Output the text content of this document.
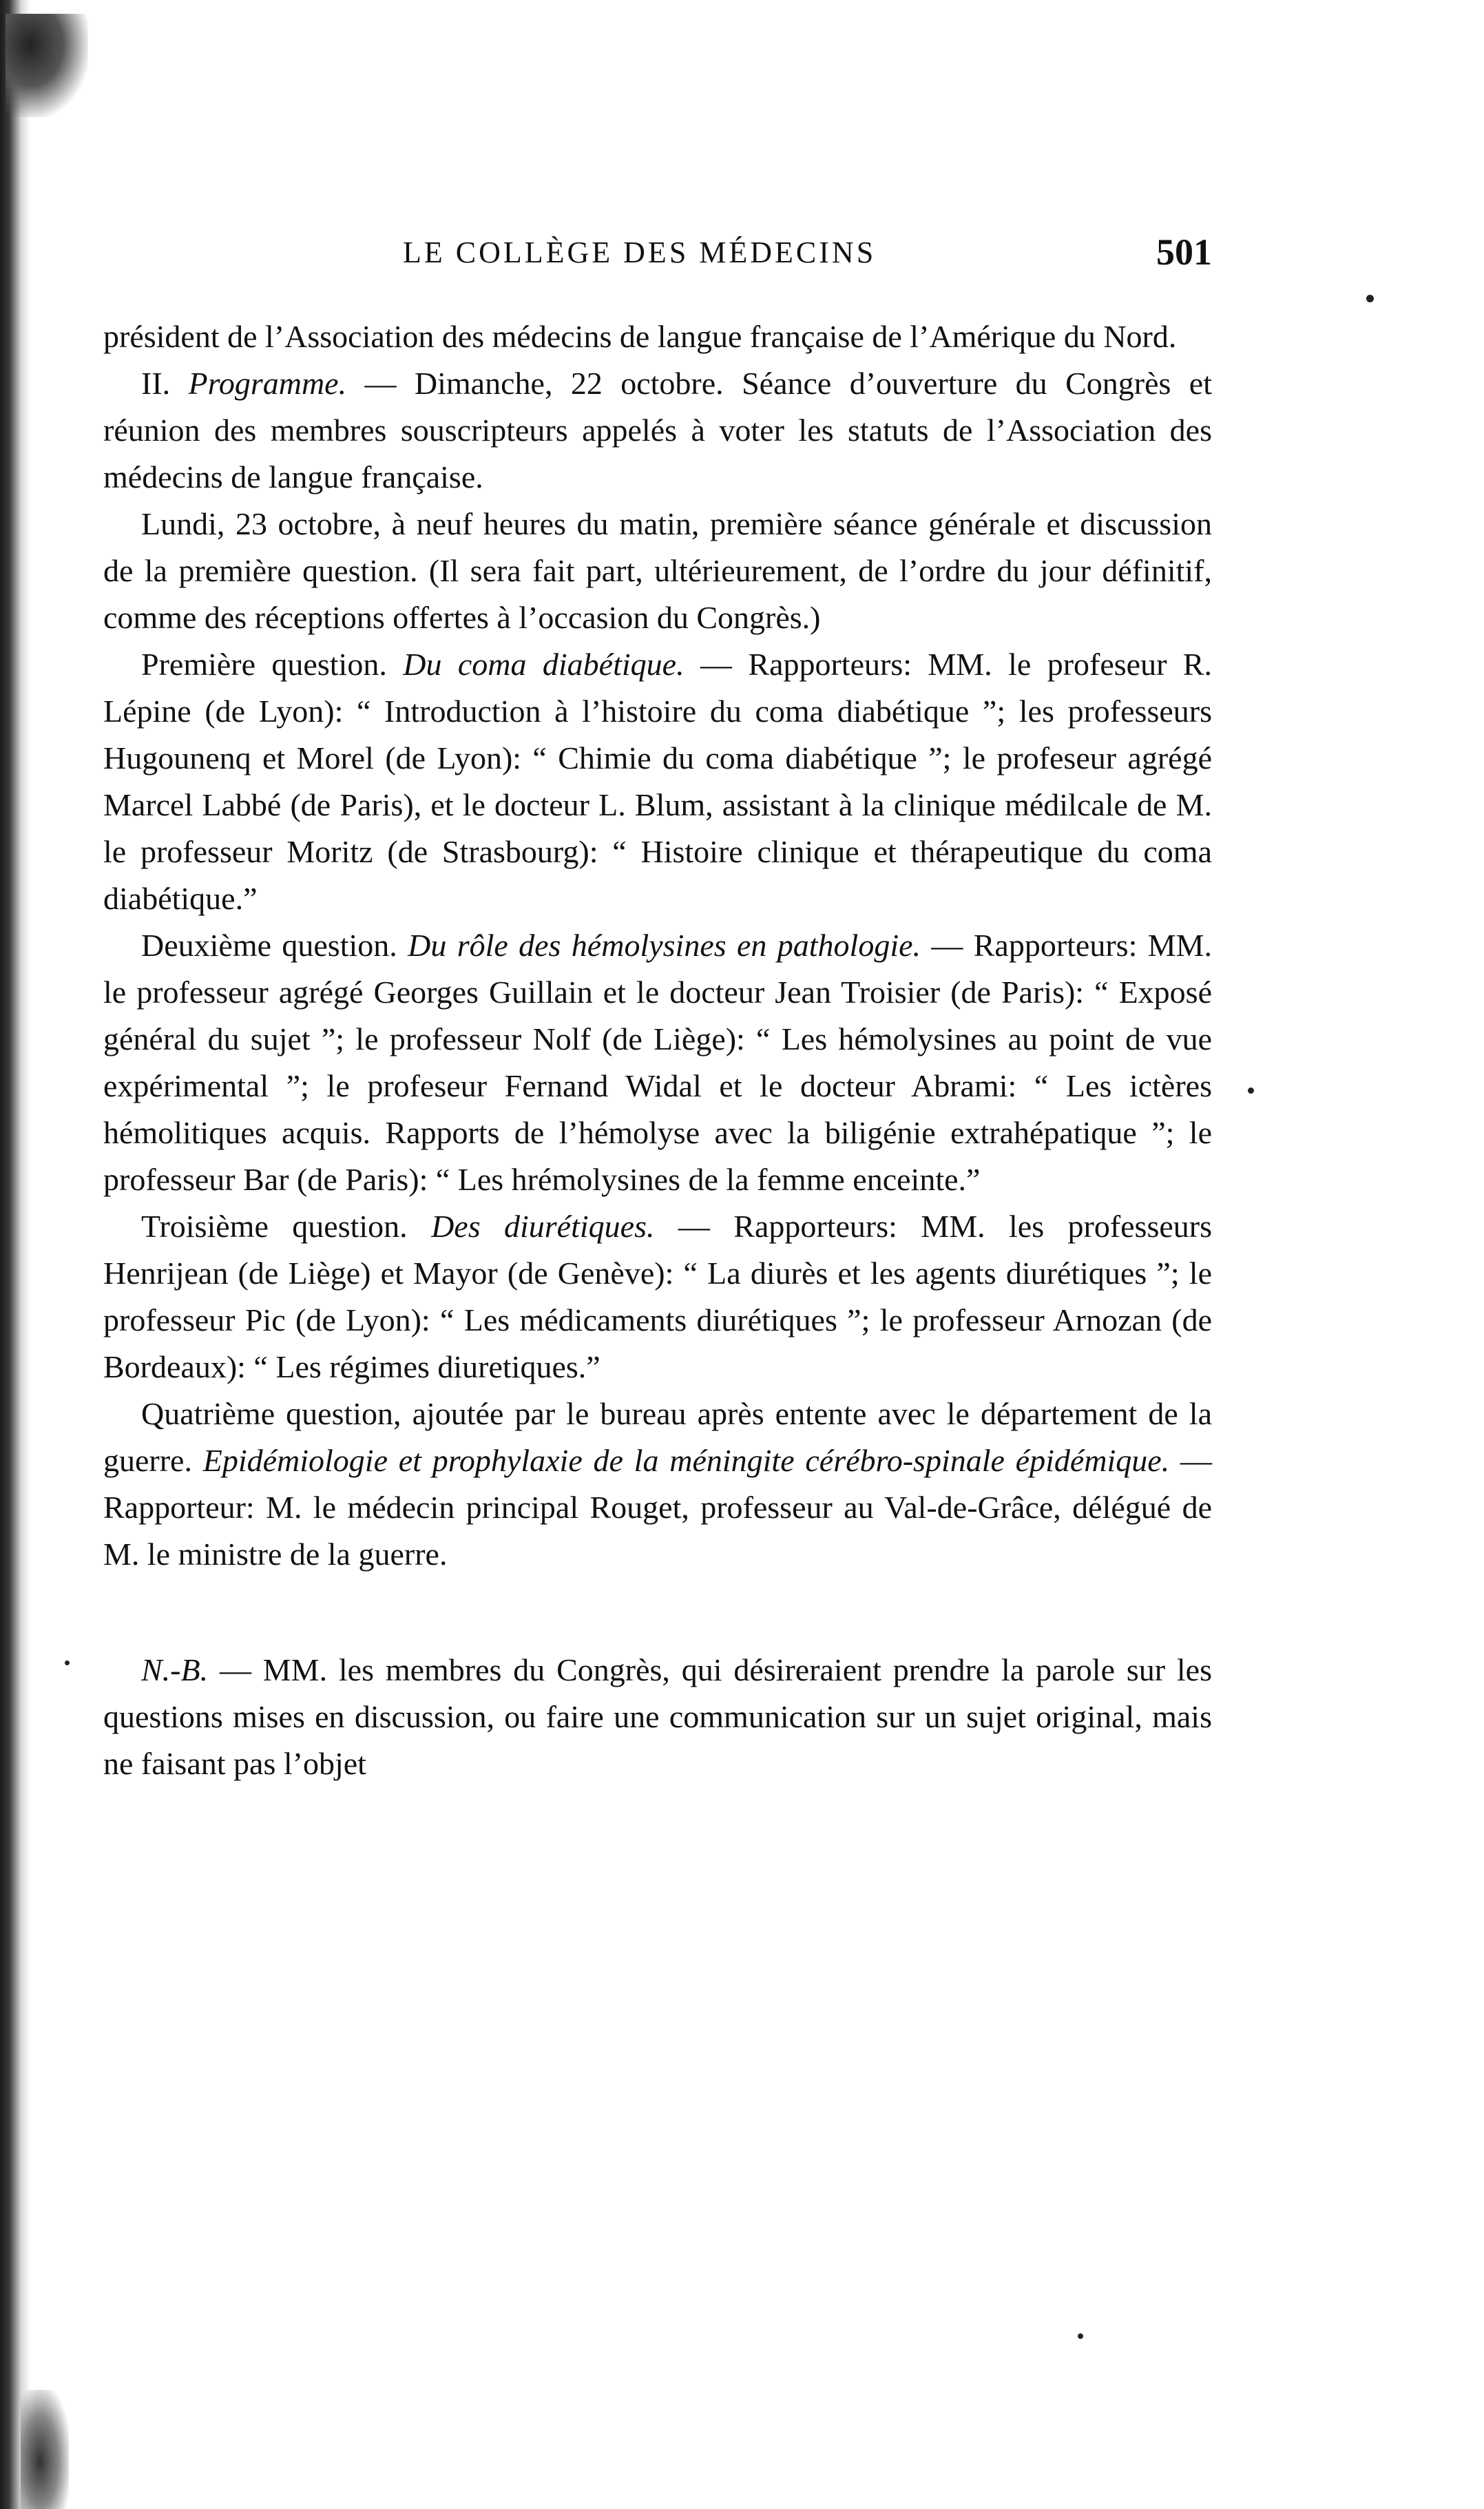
LE COLLÈGE DES MÉDECINS	501

président de l’Association des médecins de langue française de l’Amérique du Nord.

II. Programme. — Dimanche, 22 octobre. Séance d’ouverture du Congrès et réunion des membres souscripteurs appelés à voter les statuts de l’Association des médecins de langue française.

Lundi, 23 octobre, à neuf heures du matin, première séance générale et discussion de la première question. (Il sera fait part, ultérieurement, de l’ordre du jour définitif, comme des réceptions offertes à l’occasion du Congrès.)

Première question. Du coma diabétique. — Rapporteurs: MM. le profeseur R. Lépine (de Lyon): “ Introduction à l’histoire du coma diabétique ”; les professeurs Hugounenq et Morel (de Lyon): “ Chimie du coma diabétique ”; le profeseur agrégé Marcel Labbé (de Paris), et le docteur L. Blum, assistant à la clinique médilcale de M. le professeur Moritz (de Strasbourg): “ Histoire clinique et thérapeutique du coma diabétique.”

Deuxième question. Du rôle des hémolysines en pathologie. — Rapporteurs: MM. le professeur agrégé Georges Guillain et le docteur Jean Troisier (de Paris): “ Exposé général du sujet ”; le professeur Nolf (de Liège): “ Les hémolysines au point de vue expérimental ”; le profeseur Fernand Widal et le docteur Abrami: “ Les ictères hémolitiques acquis. Rapports de l’hémolyse avec la biligénie extrahépatique ”; le professeur Bar (de Paris): “ Les hrémolysines de la femme enceinte.”

Troisième question. Des diurétiques. — Rapporteurs: MM. les professeurs Henrijean (de Liège) et Mayor (de Genève): “ La diurès et les agents diurétiques ”; le professeur Pic (de Lyon): “ Les médicaments diurétiques ”; le professeur Arnozan (de Bordeaux): “ Les régimes diuretiques.”

Quatrième question, ajoutée par le bureau après entente avec le département de la guerre. Epidémiologie et prophylaxie de la méningite cérébro-spinale épidémique. — Rapporteur: M. le médecin principal Rouget, professeur au Val-de-Grâce, délégué de M. le ministre de la guerre.

N.-B. — MM. les membres du Congrès, qui désireraient prendre la parole sur les questions mises en discussion, ou faire une communication sur un sujet original, mais ne faisant pas l’objet
